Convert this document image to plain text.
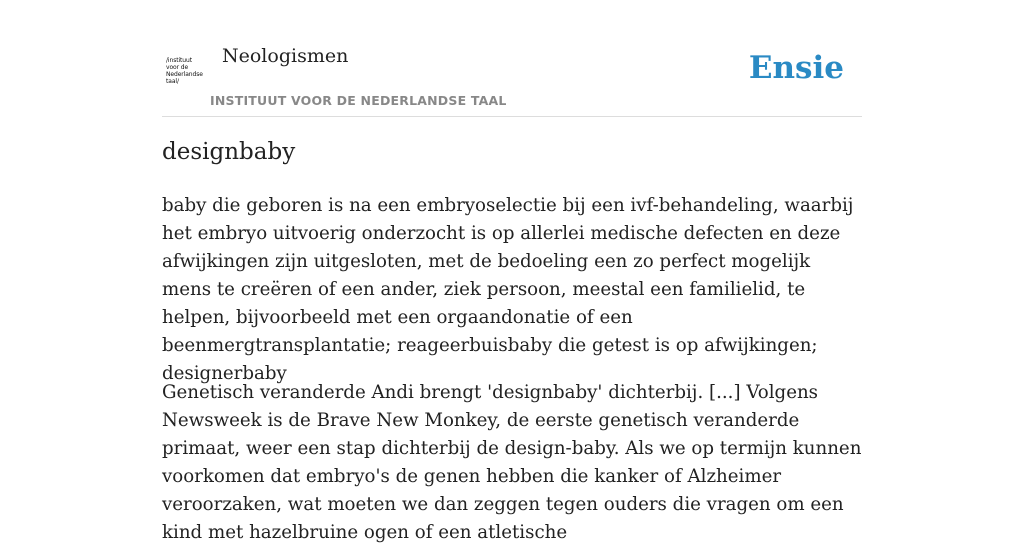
/instituut
voor de
Nederlandse
taal/
Neologismen
INSTITUUT VOOR DE NEDERLANDSE TAAL
Ensie
designbaby

baby die geboren is na een embryoselectie bij een ivf-behandeling, waarbij het embryo uitvoerig onderzocht is op allerlei medische defecten en deze afwijkingen zijn uitgesloten, met de bedoeling een zo perfect mogelijk mens te creëren of een ander, ziek persoon, meestal een familielid, te helpen, bijvoorbeeld met een orgaandonatie of een beenmergtransplantatie; reageerbuisbaby die getest is op afwijkingen; designerbaby

Genetisch veranderde Andi brengt 'designbaby' dichterbij. [...] Volgens Newsweek is de Brave New Monkey, de eerste genetisch veranderde primaat, weer een stap dichterbij de design-baby. Als we op termijn kunnen voorkomen dat embryo's de genen hebben die kanker of Alzheimer veroorzaken, wat moeten we dan zeggen tegen ouders die vragen om een kind met hazelbruine ogen of een atletische
